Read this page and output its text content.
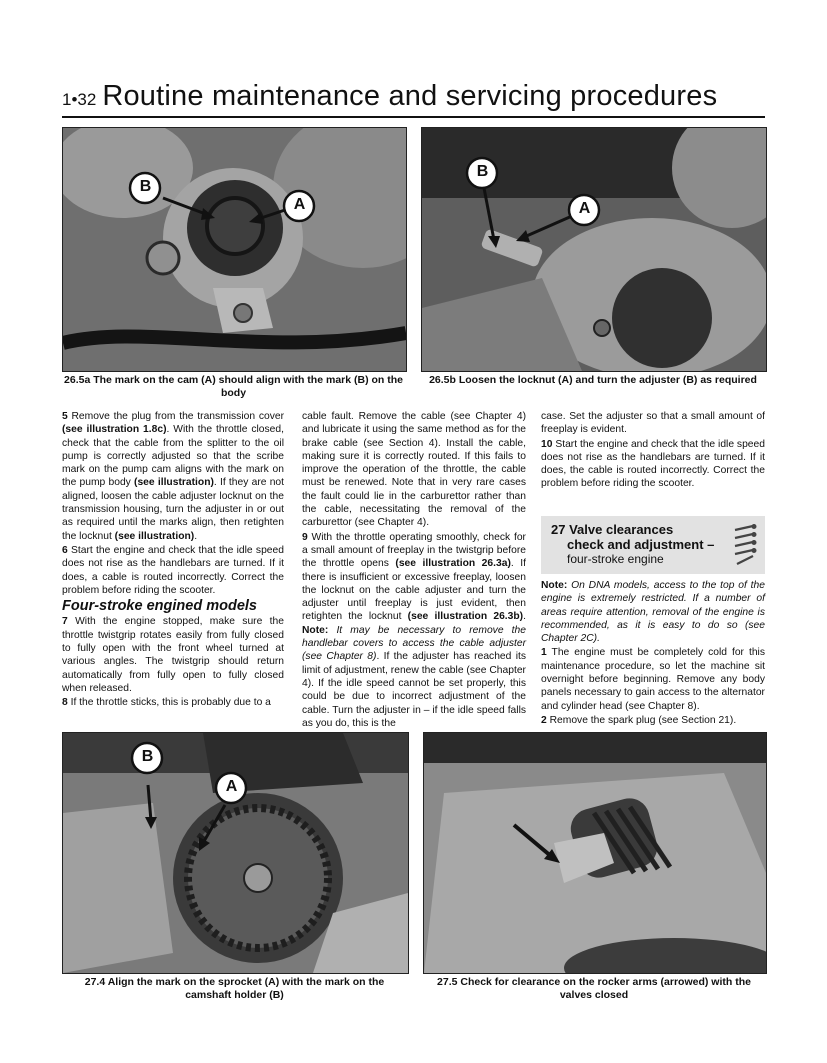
1•32 Routine maintenance and servicing procedures
B
A
26.5a The mark on the cam (A) should align with the mark (B) on the body
B
A
26.5b Loosen the locknut (A) and turn the adjuster (B) as required

5 Remove the plug from the transmission cover (see illustration 1.8c). With the throttle closed, check that the cable from the splitter to the oil pump is correctly adjusted so that the scribe mark on the pump cam aligns with the mark on the pump body (see illustration). If they are not aligned, loosen the cable adjuster locknut on the transmission housing, turn the adjuster in or out as required until the marks align, then retighten the locknut (see illustration).

6 Start the engine and check that the idle speed does not rise as the handlebars are turned. If it does, a cable is routed incorrectly. Correct the problem before riding the scooter.

Four-stroke engined models

7 With the engine stopped, make sure the throttle twistgrip rotates easily from fully closed to fully open with the front wheel turned at various angles. The twistgrip should return automatically from fully open to fully closed when released.

8 If the throttle sticks, this is probably due to a

cable fault. Remove the cable (see Chapter 4) and lubricate it using the same method as for the brake cable (see Section 4). Install the cable, making sure it is correctly routed. If this fails to improve the operation of the throttle, the cable must be renewed. Note that in very rare cases the fault could lie in the carburettor rather than the cable, necessitating the removal of the carburettor (see Chapter 4).

9 With the throttle operating smoothly, check for a small amount of freeplay in the twistgrip before the throttle opens (see illustration 26.3a). If there is insufficient or excessive freeplay, loosen the locknut on the cable adjuster and turn the adjuster until freeplay is just evident, then retighten the locknut (see illustration 26.3b). Note: It may be necessary to remove the handlebar covers to access the cable adjuster (see Chapter 8). If the adjuster has reached its limit of adjustment, renew the cable (see Chapter 4). If the idle speed cannot be set properly, this could be due to incorrect adjustment of the cable. Turn the adjuster in – if the idle speed falls as you do, this is the

case. Set the adjuster so that a small amount of freeplay is evident.

10 Start the engine and check that the idle speed does not rise as the handlebars are turned. If it does, the cable is routed incorrectly. Correct the problem before riding the scooter.

27 Valve clearances
check and adjustment –
four-stroke engine

Note: On DNA models, access to the top of the engine is extremely restricted. If a number of areas require attention, removal of the engine is recommended, as it is easy to do so (see Chapter 2C).

1 The engine must be completely cold for this maintenance procedure, so let the machine sit overnight before beginning. Remove any body panels necessary to gain access to the alternator and cylinder head (see Chapter 8).

2 Remove the spark plug (see Section 21).

B
A
27.4 Align the mark on the sprocket (A) with the mark on the camshaft holder (B)
27.5 Check for clearance on the rocker arms (arrowed) with the valves closed
